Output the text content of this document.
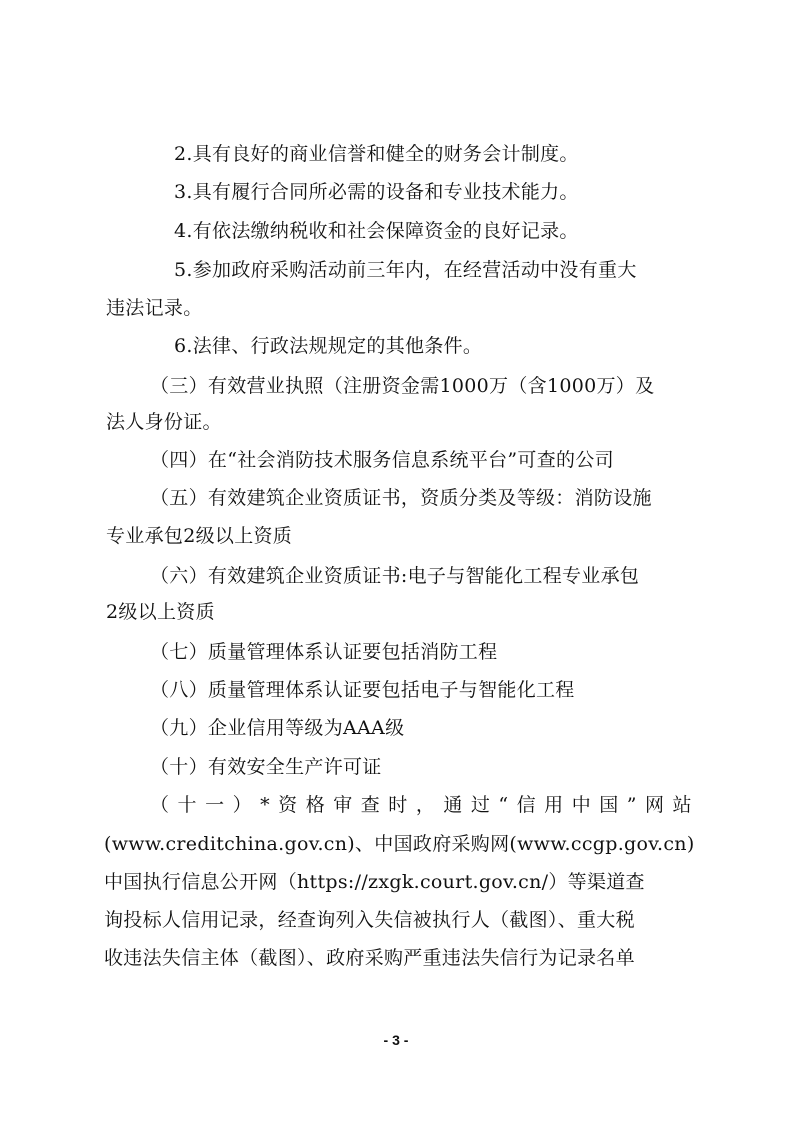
2.具有良好的商业信誉和健全的财务会计制度。
3.具有履行合同所必需的设备和专业技术能力。
4.有依法缴纳税收和社会保障资金的良好记录。
5.参加政府采购活动前三年内，在经营活动中没有重大
违法记录。
6.法律、行政法规规定的其他条件。
（三）有效营业执照（注册资金需1000万（含1000万）及
法人身份证。
（四）在“社会消防技术服务信息系统平台”可查的公司
（五）有效建筑企业资质证书，资质分类及等级：消防设施
专业承包2级以上资质
（六）有效建筑企业资质证书:电子与智能化工程专业承包
2级以上资质
（七）质量管理体系认证要包括消防工程
（八）质量管理体系认证要包括电子与智能化工程
（九）企业信用等级为AAA级
（十）有效安全生产许可证
（ 十 一 ） * 资 格 审 查 时 ， 通 过 “ 信 用 中 国 ” 网 站
(www.creditchina.gov.cn)、中国政府采购网(www.ccgp.gov.cn)
中国执行信息公开网（https://zxgk.court.gov.cn/）等渠道查
询投标人信用记录，经查询列入失信被执行人（截图）、重大税
收违法失信主体（截图）、政府采购严重违法失信行为记录名单
- 3 -
